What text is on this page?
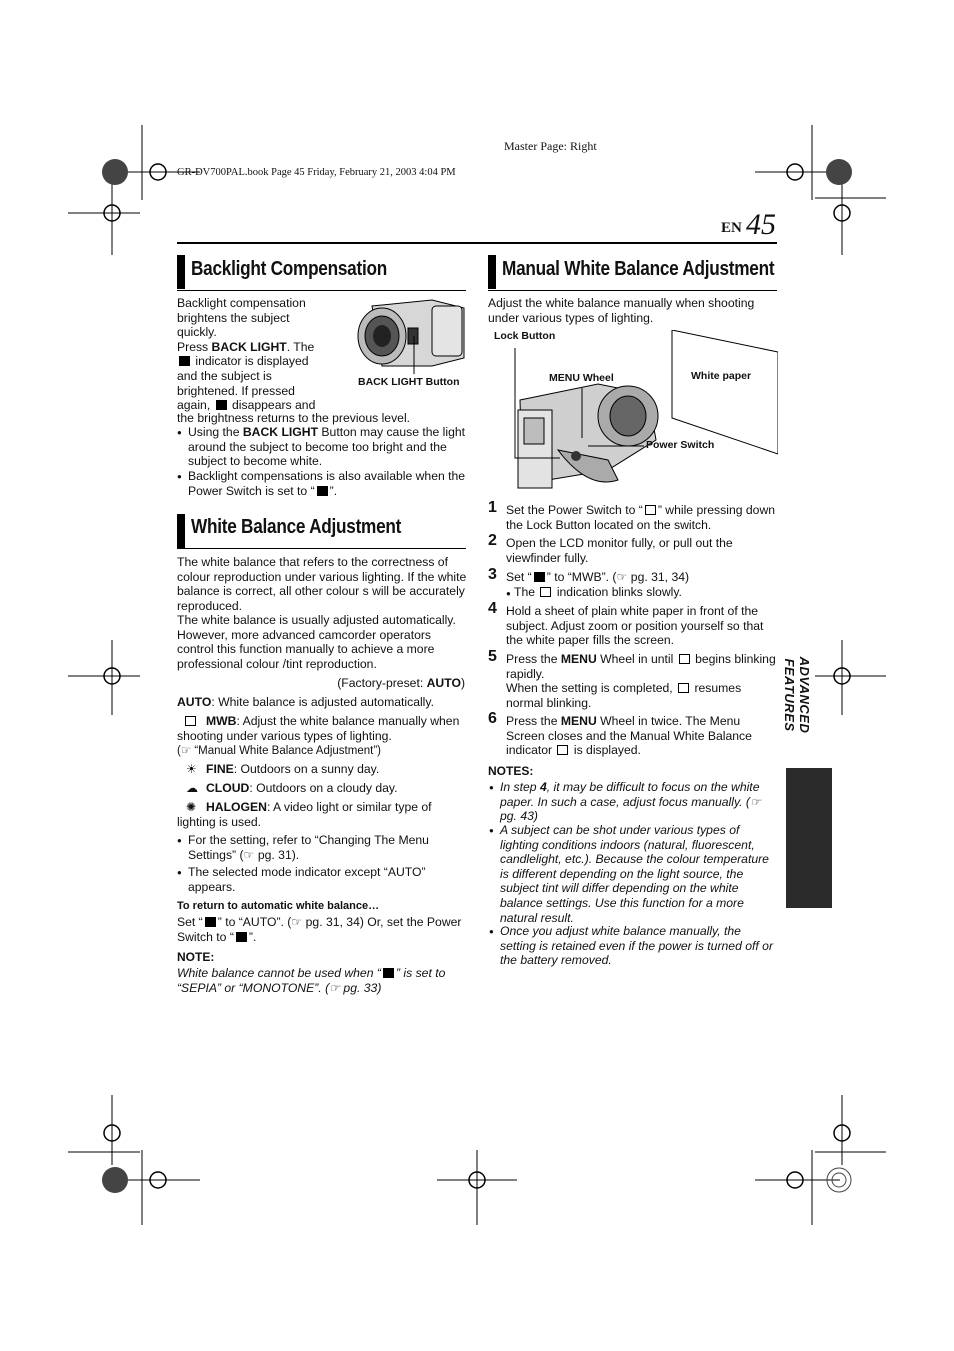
Master Page: Right
GR-DV700PAL.book Page 45 Friday, February 21, 2003 4:04 PM
EN 45
ADVANCED FEATURES
Backlight Compensation
Backlight compensation brightens the subject quickly.
Press BACK LIGHT. The
indicator is displayed and the subject is brightened. If pressed again, disappears and
the brightness returns to the previous level.
BACK LIGHT Button
● Using the BACK LIGHT Button may cause the light around the subject to become too bright and the subject to become white.
● Backlight compensations is also available when the Power Switch is set to “ ”.
White Balance Adjustment
The white balance that refers to the correctness of colour reproduction under various lighting. If the white balance is correct, all other colour s will be accurately reproduced.
The white balance is usually adjusted automatically. However, more advanced camcorder operators control this function manually to achieve a more professional colour /tint reproduction.
(Factory-preset: AUTO)
AUTO: White balance is adjusted automatically.
MWB: Adjust the white balance manually when shooting under various types of lighting.
(☞ “Manual White Balance Adjustment”)
☀ FINE: Outdoors on a sunny day.
☁ CLOUD: Outdoors on a cloudy day.
✺ HALOGEN: A video light or similar type of lighting is used.
● For the setting, refer to “Changing The Menu Settings” (☞ pg. 31).
● The selected mode indicator except “AUTO” appears.
To return to automatic white balance…
Set “ ” to “AUTO”. (☞ pg. 31, 34) Or, set the Power Switch to “ ”.
NOTE:
White balance cannot be used when “ ” is set to “SEPIA” or “MONOTONE”. (☞ pg. 33)
Manual White Balance Adjustment
Adjust the white balance manually when shooting under various types of lighting.
Lock Button
MENU Wheel	White paper
Power Switch
1 Set the Power Switch to “ ” while pressing down the Lock Button located on the switch.
2 Open the LCD monitor fully, or pull out the viewfinder fully.
3 Set “ ” to “MWB”. (☞ pg. 31, 34)
● The indication blinks slowly.
4 Hold a sheet of plain white paper in front of the subject. Adjust zoom or position yourself so that the white paper fills the screen.
5 Press the MENU Wheel in until begins blinking rapidly.
When the setting is completed, resumes normal blinking.
6 Press the MENU Wheel in twice. The Menu Screen closes and the Manual White Balance indicator is displayed.
NOTES:
● In step 4, it may be difficult to focus on the white paper. In such a case, adjust focus manually. (☞ pg. 43)
● A subject can be shot under various types of lighting conditions indoors (natural, fluorescent, candlelight, etc.). Because the colour temperature is different depending on the light source, the subject tint will differ depending on the white balance settings. Use this function for a more natural result.
● Once you adjust white balance manually, the setting is retained even if the power is turned off or the battery removed.
